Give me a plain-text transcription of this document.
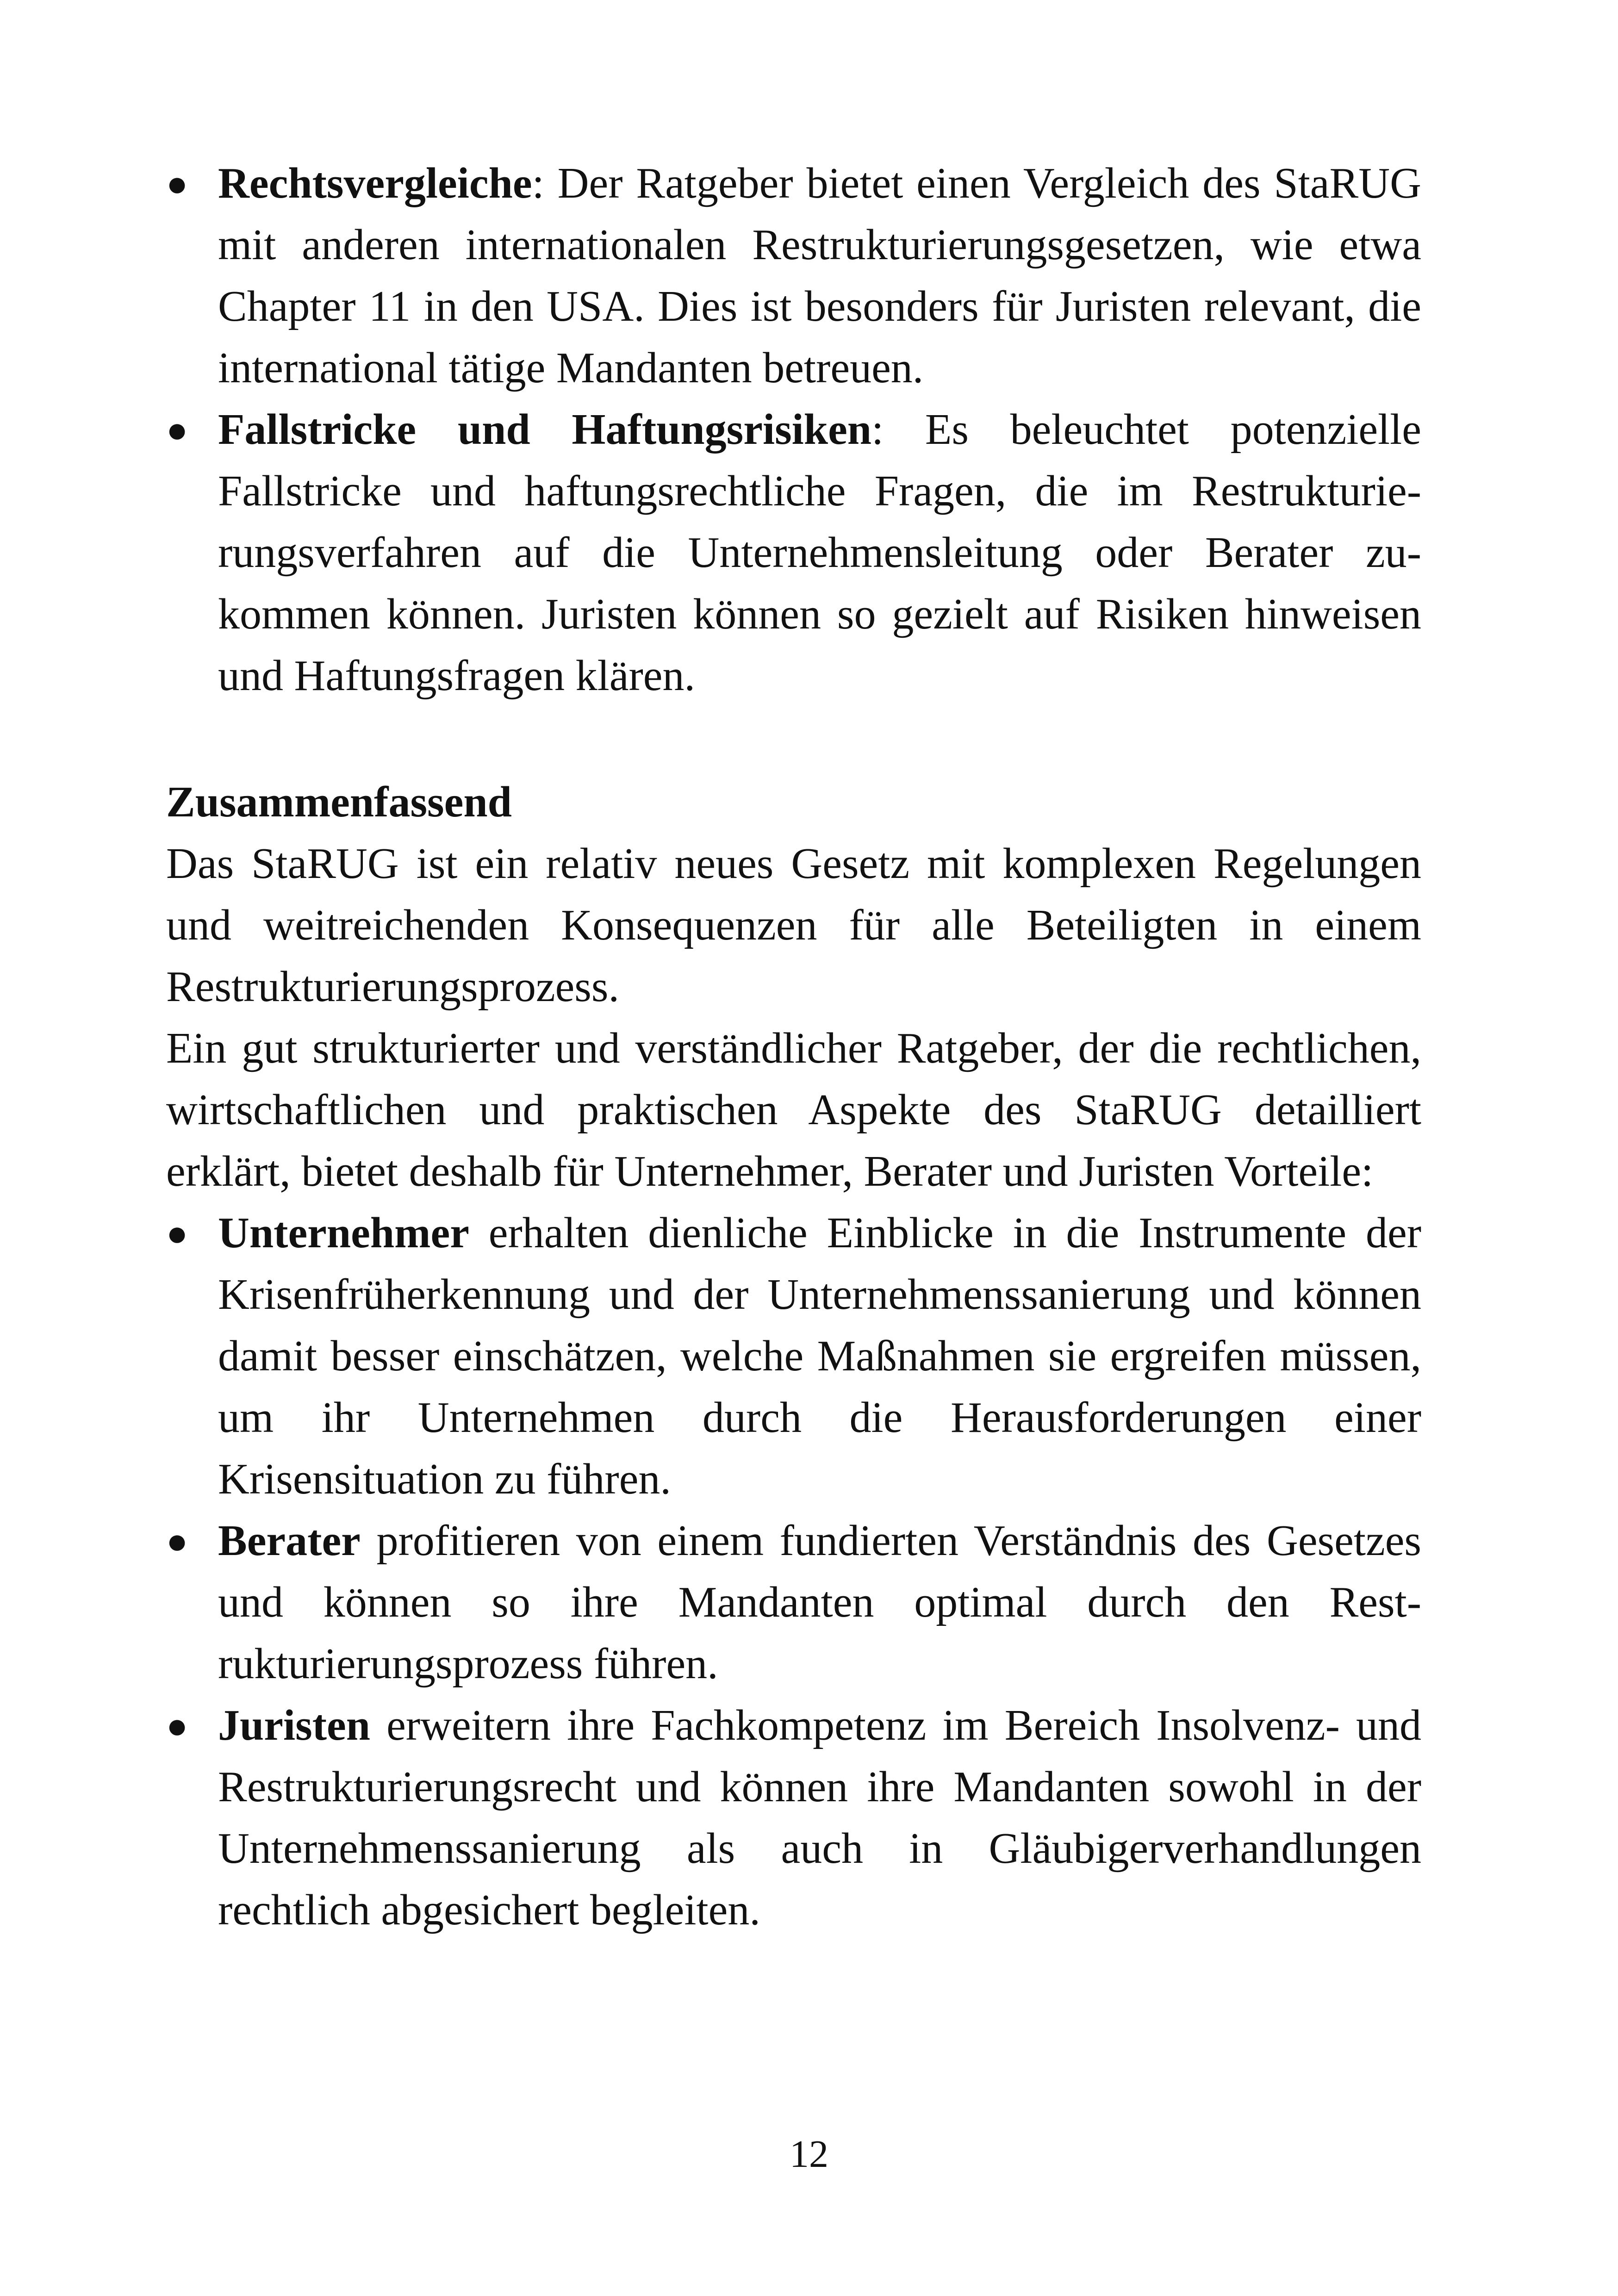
● Rechtsvergleiche: Der Ratgeber bietet einen Vergleich des StaRUG mit anderen internationalen Restrukturierungsgesetzen, wie etwa Chapter 11 in den USA. Dies ist besonders für Juristen relevant, die international tätige Mandanten betreuen.
● Fallstricke und Haftungsrisiken: Es beleuchtet potenzielle Fallstricke und haftungsrechtliche Fragen, die im Restrukturierungsverfahren auf die Unternehmensleitung oder Berater zukommen können. Juristen können so gezielt auf Risiken hinweisen und Haftungsfragen klären.

Zusammenfassend

Das StaRUG ist ein relativ neues Gesetz mit komplexen Regelungen und weitreichenden Konsequenzen für alle Beteiligten in einem Restrukturierungsprozess.

Ein gut strukturierter und verständlicher Ratgeber, der die rechtlichen, wirtschaftlichen und praktischen Aspekte des StaRUG detailliert erklärt, bietet deshalb für Unternehmer, Berater und Juristen Vorteile:

● Unternehmer erhalten dienliche Einblicke in die Instrumente der Krisenfrüherkennung und der Unternehmenssanierung und können damit besser einschätzen, welche Maßnahmen sie ergreifen müssen, um ihr Unternehmen durch die Herausforderungen einer Krisensituation zu führen.
● Berater profitieren von einem fundierten Verständnis des Gesetzes und können so ihre Mandanten optimal durch den Restrukturierungsprozess führen.
● Juristen erweitern ihre Fachkompetenz im Bereich Insolvenz- und Restrukturierungsrecht und können ihre Mandanten sowohl in der Unternehmenssanierung als auch in Gläubigerverhandlungen rechtlich abgesichert begleiten.
12
